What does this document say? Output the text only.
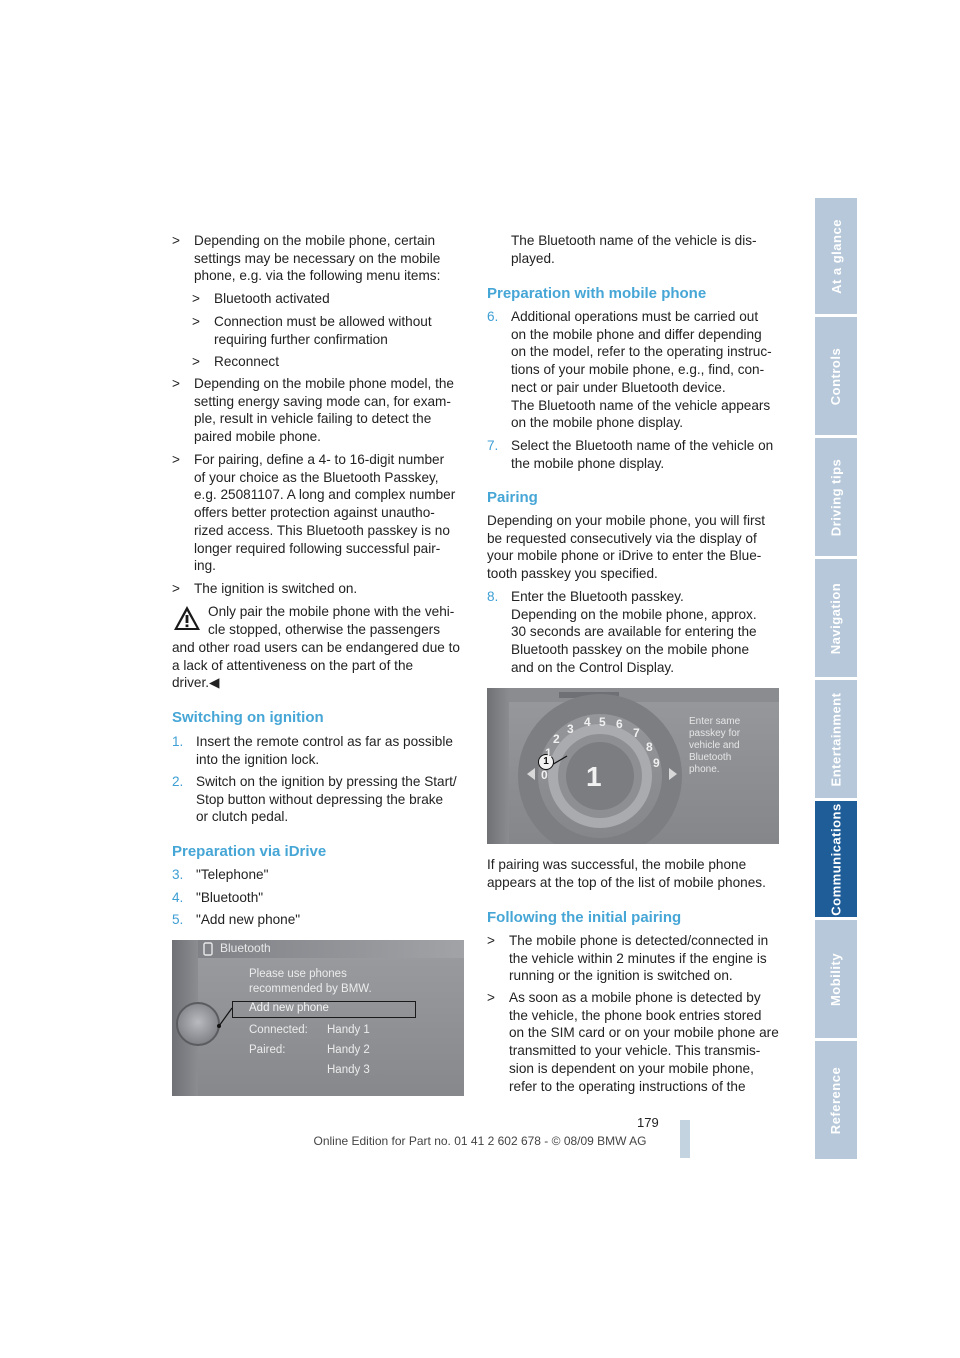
At a glance
Controls
Driving tips
Navigation
Entertainment
Communications
Mobility
Reference
>	Depending on the mobile phone, certain
settings may be necessary on the mobile
phone, e.g. via the following menu items:
>	Bluetooth activated
>	Connection must be allowed without
requiring further confirmation
>	Reconnect
>	Depending on the mobile phone model, the
setting energy saving mode can, for exam-
ple, result in vehicle failing to detect the
paired mobile phone.
>	For pairing, define a 4- to 16-digit number
of your choice as the Bluetooth Passkey,
e.g. 25081107. A long and complex number
offers better protection against unautho-
rized access. This Bluetooth passkey is no
longer required following successful pair-
ing.
>	The ignition is switched on.
Only pair the mobile phone with the vehi-
cle stopped, otherwise the passengers
and other road users can be endangered due to
a lack of attentiveness on the part of the
driver.◀
Switching on ignition
1. Insert the remote control as far as possible
into the ignition lock.
2. Switch on the ignition by pressing the Start/
Stop button without depressing the brake
or clutch pedal.
Preparation via iDrive
3. "Telephone"
4. "Bluetooth"
5. "Add new phone"
Bluetooth
Please use phones
recommended by BMW.
Add new phone
Connected:
Paired:
Handy 1
Handy 2
Handy 3
The Bluetooth name of the vehicle is dis-
played.
Preparation with mobile phone
6. Additional operations must be carried out
on the mobile phone and differ depending
on the model, refer to the operating instruc-
tions of your mobile phone, e.g., find, con-
nect or pair under Bluetooth device.
The Bluetooth name of the vehicle appears
on the mobile phone display.
7. Select the Bluetooth name of the vehicle on
the mobile phone display.
Pairing
Depending on your mobile phone, you will first
be requested consecutively via the display of
your mobile phone or iDrive to enter the Blue-
tooth passkey you specified.
8. Enter the Bluetooth passkey.
Depending on the mobile phone, approx.
30 seconds are available for entering the
Bluetooth passkey on the mobile phone
and on the Control Display.
1 1
0
1
2
3 4 5 6
7
8
9
Enter same
passkey for
vehicle and
Bluetooth
phone.
If pairing was successful, the mobile phone
appears at the top of the list of mobile phones.
Following the initial pairing
>	The mobile phone is detected/connected in
the vehicle within 2 minutes if the engine is
running or the ignition is switched on.
>	As soon as a mobile phone is detected by
the vehicle, the phone book entries stored
on the SIM card or on your mobile phone are
transmitted to your vehicle. This transmis-
sion is dependent on your mobile phone,
refer to the operating instructions of the
179
Online Edition for Part no. 01 41 2 602 678 - © 08/09 BMW AG
